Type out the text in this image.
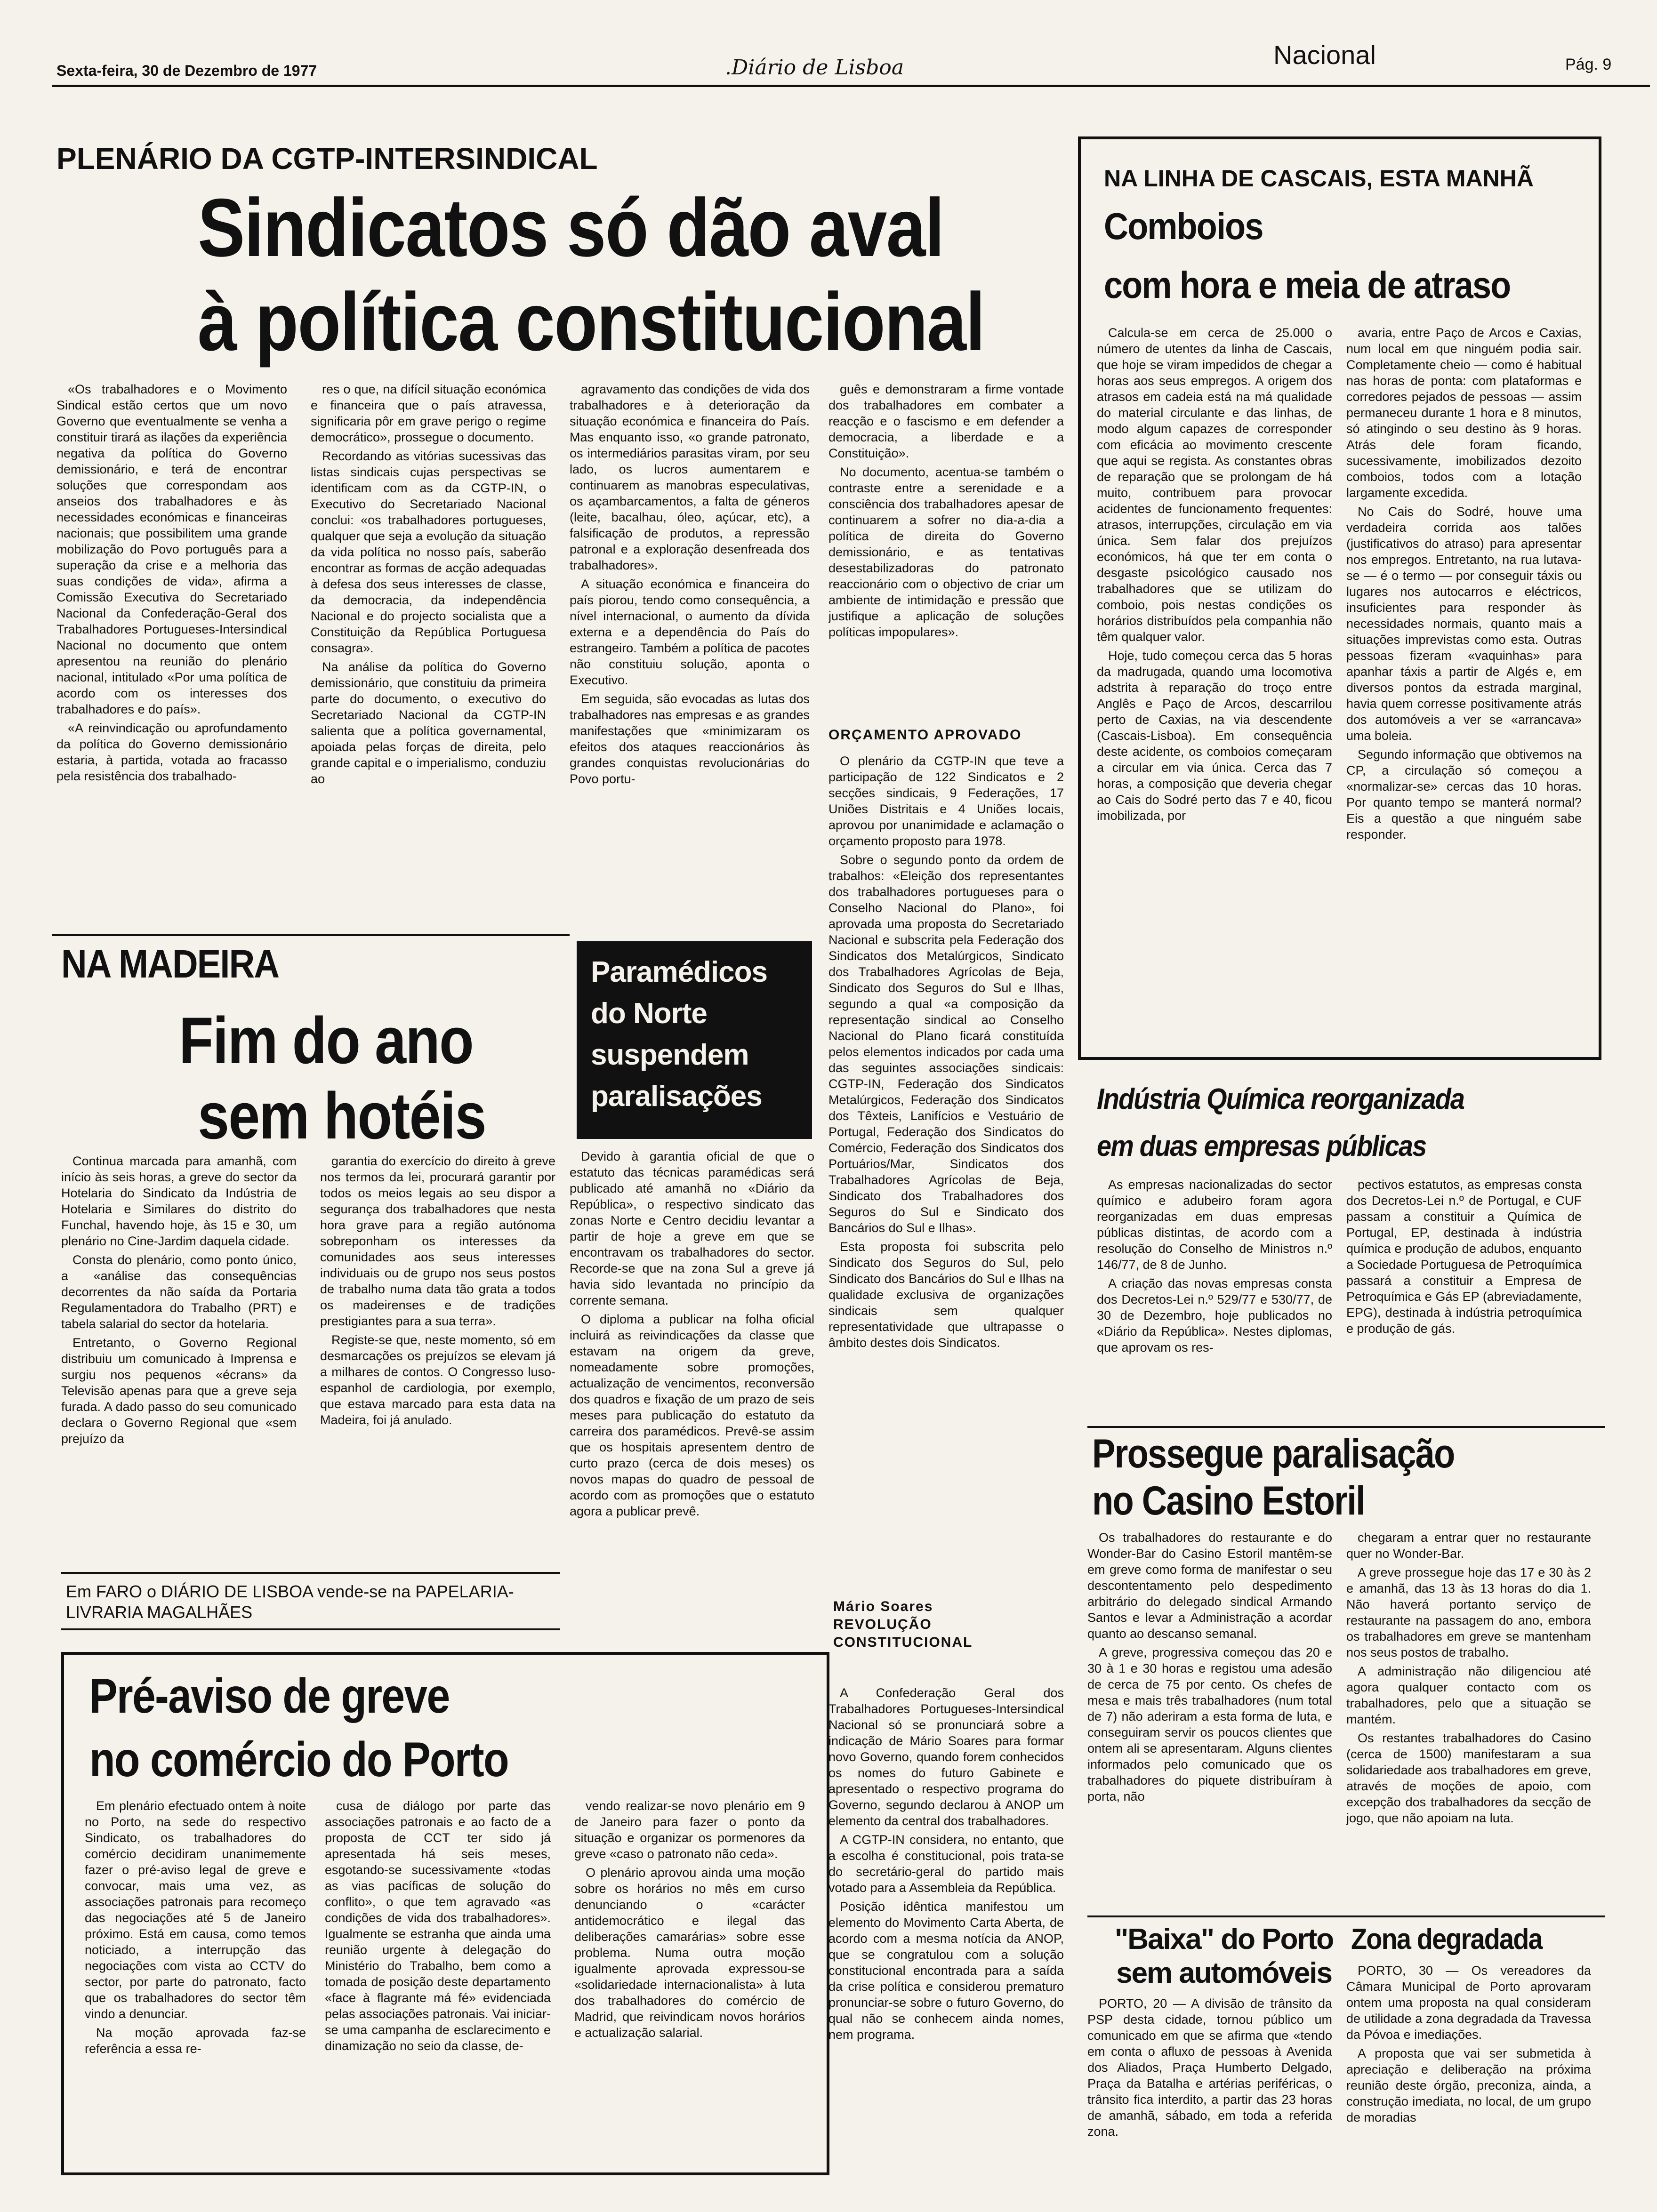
Sexta-feira, 30 de Dezembro de 1977	.Diário de Lisboa	Nacional	Pág. 9
PLENÁRIO DA CGTP-INTERSINDICAL
Sindicatos só dão aval
à política constitucional

«Os trabalhadores e o Movimento Sindical estão certos que um novo Governo que eventualmente se venha a constituir tirará as ilações da experiência negativa da política do Governo demissionário, e terá de encontrar soluções que correspondam aos anseios dos trabalhadores e às necessidades económicas e financeiras nacionais; que possibilitem uma grande mobilização do Povo português para a superação da crise e a melhoria das suas condições de vida», afirma a Comissão Executiva do Secretariado Nacional da Confederação-Geral dos Trabalhadores Portugueses-Intersindical Nacional no documento que ontem apresentou na reunião do plenário nacional, intitulado «Por uma política de acordo com os interesses dos trabalhadores e do país».

«A reinvindicação ou aprofundamento da política do Governo demissionário estaria, à partida, votada ao fracasso pela resistência dos trabalhado-

res o que, na difícil situação económica e financeira que o país atravessa, significaria pôr em grave perigo o regime democrático», prossegue o documento.

Recordando as vitórias sucessivas das listas sindicais cujas perspectivas se identificam com as da CGTP-IN, o Executivo do Secretariado Nacional conclui: «os trabalhadores portugueses, qualquer que seja a evolução da situação da vida política no nosso país, saberão encontrar as formas de acção adequadas à defesa dos seus interesses de classe, da democracia, da independência Nacional e do projecto socialista que a Constituição da República Portuguesa consagra».

Na análise da política do Governo demissionário, que constituiu da primeira parte do documento, o executivo do Secretariado Nacional da CGTP-IN salienta que a política governamental, apoiada pelas forças de direita, pelo grande capital e o imperialismo, conduziu ao

agravamento das condições de vida dos trabalhadores e à deterioração da situação económica e financeira do País. Mas enquanto isso, «o grande patronato, os intermediários parasitas viram, por seu lado, os lucros aumentarem e continuarem as manobras especulativas, os açambarcamentos, a falta de géneros (leite, bacalhau, óleo, açúcar, etc), a falsificação de produtos, a repressão patronal e a exploração desenfreada dos trabalhadores».

A situação económica e financeira do país piorou, tendo como consequência, a nível internacional, o aumento da dívida externa e a dependência do País do estrangeiro. Também a política de pacotes não constituiu solução, aponta o Executivo.

Em seguida, são evocadas as lutas dos trabalhadores nas empresas e as grandes manifestações que «minimizaram os efeitos dos ataques reaccionários às grandes conquistas revolucionárias do Povo portu-

guês e demonstraram a firme vontade dos trabalhadores em combater a reacção e o fascismo e em defender a democracia, a liberdade e a Constituição».

No documento, acentua-se também o contraste entre a serenidade e a consciência dos trabalhadores apesar de continuarem a sofrer no dia-a-dia a política de direita do Governo demissionário, e as tentativas desestabilizadoras do patronato reaccionário com o objectivo de criar um ambiente de intimidação e pressão que justifique a aplicação de soluções políticas impopulares».

ORÇAMENTO APROVADO

O plenário da CGTP-IN que teve a participação de 122 Sindicatos e 2 secções sindicais, 9 Federações, 17 Uniões Distritais e 4 Uniões locais, aprovou por unanimidade e aclamação o orçamento proposto para 1978.

Sobre o segundo ponto da ordem de trabalhos: «Eleição dos representantes dos trabalhadores portugueses para o Conselho Nacional do Plano», foi aprovada uma proposta do Secretariado Nacional e subscrita pela Federação dos Sindicatos dos Metalúrgicos, Sindicato dos Trabalhadores Agrícolas de Beja, Sindicato dos Seguros do Sul e Ilhas, segundo a qual «a composição da representação sindical ao Conselho Nacional do Plano ficará constituída pelos elementos indicados por cada uma das seguintes associações sindicais: CGTP-IN, Federação dos Sindicatos Metalúrgicos, Federação dos Sindicatos dos Têxteis, Lanifícios e Vestuário de Portugal, Federação dos Sindicatos do Comércio, Federação dos Sindicatos dos Portuários/Mar, Sindicatos dos Trabalhadores Agrícolas de Beja, Sindicato dos Trabalhadores dos Seguros do Sul e Sindicato dos Bancários do Sul e Ilhas».

Esta proposta foi subscrita pelo Sindicato dos Seguros do Sul, pelo Sindicato dos Bancários do Sul e Ilhas na qualidade exclusiva de organizações sindicais sem qualquer representatividade que ultrapasse o âmbito destes dois Sindicatos.

Mário Soares
REVOLUÇÃO
CONSTITUCIONAL

A Confederação Geral dos Trabalhadores Portugueses-Intersindical Nacional só se pronunciará sobre a indicação de Mário Soares para formar novo Governo, quando forem conhecidos os nomes do futuro Gabinete e apresentado o respectivo programa do Governo, segundo declarou à ANOP um elemento da central dos trabalhadores.

A CGTP-IN considera, no entanto, que a escolha é constitucional, pois trata-se do secretário-geral do partido mais votado para a Assembleia da República.

Posição idêntica manifestou um elemento do Movimento Carta Aberta, de acordo com a mesma notícia da ANOP, que se congratulou com a solução constitucional encontrada para a saída da crise política e considerou prematuro pronunciar-se sobre o futuro Governo, do qual não se conhecem ainda nomes, nem programa.

NA LINHA DE CASCAIS, ESTA MANHÃ
Comboios
com hora e meia de atraso

Calcula-se em cerca de 25.000 o número de utentes da linha de Cascais, que hoje se viram impedidos de chegar a horas aos seus empregos. A origem dos atrasos em cadeia está na má qualidade do material circulante e das linhas, de modo algum capazes de corresponder com eficácia ao movimento crescente que aqui se regista. As constantes obras de reparação que se prolongam de há muito, contribuem para provocar acidentes de funcionamento frequentes: atrasos, interrupções, circulação em via única. Sem falar dos prejuízos económicos, há que ter em conta o desgaste psicológico causado nos trabalhadores que se utilizam do comboio, pois nestas condições os horários distribuídos pela companhia não têm qualquer valor.

Hoje, tudo começou cerca das 5 horas da madrugada, quando uma locomotiva adstrita à reparação do troço entre Anglês e Paço de Arcos, descarrilou perto de Caxias, na via descendente (Cascais-Lisboa). Em consequência deste acidente, os comboios começaram a circular em via única. Cerca das 7 horas, a composição que deveria chegar ao Cais do Sodré perto das 7 e 40, ficou imobilizada, por

avaria, entre Paço de Arcos e Caxias, num local em que ninguém podia sair. Completamente cheio — como é habitual nas horas de ponta: com plataformas e corredores pejados de pessoas — assim permaneceu durante 1 hora e 8 minutos, só atingindo o seu destino às 9 horas. Atrás dele foram ficando, sucessivamente, imobilizados dezoito comboios, todos com a lotação largamente excedida.

No Cais do Sodré, houve uma verdadeira corrida aos talões (justificativos do atraso) para apresentar nos empregos. Entretanto, na rua lutava-se — é o termo — por conseguir táxis ou lugares nos autocarros e eléctricos, insuficientes para responder às necessidades normais, quanto mais a situações imprevistas como esta. Outras pessoas fizeram «vaquinhas» para apanhar táxis a partir de Algés e, em diversos pontos da estrada marginal, havia quem corresse positivamente atrás dos automóveis a ver se «arrancava» uma boleia.

Segundo informação que obtivemos na CP, a circulação só começou a «normalizar-se» cercas das 10 horas. Por quanto tempo se manterá normal? Eis a questão a que ninguém sabe responder.

NA MADEIRA
Fim do ano
sem hotéis

Continua marcada para amanhã, com início às seis horas, a greve do sector da Hotelaria do Sindicato da Indústria de Hotelaria e Similares do distrito do Funchal, havendo hoje, às 15 e 30, um plenário no Cine-Jardim daquela cidade.

Consta do plenário, como ponto único, a «análise das consequências decorrentes da não saída da Portaria Regulamentadora do Trabalho (PRT) e tabela salarial do sector da hotelaria.

Entretanto, o Governo Regional distribuiu um comunicado à Imprensa e surgiu nos pequenos «écrans» da Televisão apenas para que a greve seja furada. A dado passo do seu comunicado declara o Governo Regional que «sem prejuízo da

garantia do exercício do direito à greve nos termos da lei, procurará garantir por todos os meios legais ao seu dispor a segurança dos trabalhadores que nesta hora grave para a região autónoma sobreponham os interesses da comunidades aos seus interesses individuais ou de grupo nos seus postos de trabalho numa data tão grata a todos os madeirenses e de tradições prestigiantes para a sua terra».

Registe-se que, neste momento, só em desmarcações os prejuízos se elevam já a milhares de contos. O Congresso luso-espanhol de cardiologia, por exemplo, que estava marcado para esta data na Madeira, foi já anulado.

Paramédicos do Norte suspendem paralisações

Devido à garantia oficial de que o estatuto das técnicas paramédicas será publicado até amanhã no «Diário da República», o respectivo sindicato das zonas Norte e Centro decidiu levantar a partir de hoje a greve em que se encontravam os trabalhadores do sector. Recorde-se que na zona Sul a greve já havia sido levantada no princípio da corrente semana.

O diploma a publicar na folha oficial incluirá as reivindicações da classe que estavam na origem da greve, nomeadamente sobre promoções, actualização de vencimentos, reconversão dos quadros e fixação de um prazo de seis meses para publicação do estatuto da carreira dos paramédicos. Prevê-se assim que os hospitais apresentem dentro de curto prazo (cerca de dois meses) os novos mapas do quadro de pessoal de acordo com as promoções que o estatuto agora a publicar prevê.

Indústria Química reorganizada
em duas empresas públicas

As empresas nacionalizadas do sector químico e adubeiro foram agora reorganizadas em duas empresas públicas distintas, de acordo com a resolução do Conselho de Ministros n.º 146/77, de 8 de Junho.

A criação das novas empresas consta dos Decretos-Lei n.º 529/77 e 530/77, de 30 de Dezembro, hoje publicados no «Diário da República». Nestes diplomas, que aprovam os res-

pectivos estatutos, as empresas consta dos Decretos-Lei n.º de Portugal, e CUF passam a constituir a Química de Portugal, EP, destinada à indústria química e produção de adubos, enquanto a Sociedade Portuguesa de Petroquímica passará a constituir a Empresa de Petroquímica e Gás EP (abreviadamente, EPG), destinada à indústria petroquímica e produção de gás.

Prossegue paralisação
no Casino Estoril

Os trabalhadores do restaurante e do Wonder-Bar do Casino Estoril mantêm-se em greve como forma de manifestar o seu descontentamento pelo despedimento arbitrário do delegado sindical Armando Santos e levar a Administração a acordar quanto ao descanso semanal.

A greve, progressiva começou das 20 e 30 à 1 e 30 horas e registou uma adesão de cerca de 75 por cento. Os chefes de mesa e mais três trabalhadores (num total de 7) não aderiram a esta forma de luta, e conseguiram servir os poucos clientes que ontem ali se apresentaram. Alguns clientes informados pelo comunicado que os trabalhadores do piquete distribuíram à porta, não

chegaram a entrar quer no restaurante quer no Wonder-Bar.

A greve prossegue hoje das 17 e 30 às 2 e amanhã, das 13 às 13 horas do dia 1. Não haverá portanto serviço de restaurante na passagem do ano, embora os trabalhadores em greve se mantenham nos seus postos de trabalho.

A administração não diligenciou até agora qualquer contacto com os trabalhadores, pelo que a situação se mantém.

Os restantes trabalhadores do Casino (cerca de 1500) manifestaram a sua solidariedade aos trabalhadores em greve, através de moções de apoio, com excepção dos trabalhadores da secção de jogo, que não apoiam na luta.

Em FARO o DIÁRIO DE LISBOA vende-se na PAPELARIA-LIVRARIA MAGALHÃES
Pré-aviso de greve
no comércio do Porto

Em plenário efectuado ontem à noite no Porto, na sede do respectivo Sindicato, os trabalhadores do comércio decidiram unanimemente fazer o pré-aviso legal de greve e convocar, mais uma vez, as associações patronais para recomeço das negociações até 5 de Janeiro próximo. Está em causa, como temos noticiado, a interrupção das negociações com vista ao CCTV do sector, por parte do patronato, facto que os trabalhadores do sector têm vindo a denunciar.

Na moção aprovada faz-se referência a essa re-

cusa de diálogo por parte das associações patronais e ao facto de a proposta de CCT ter sido já apresentada há seis meses, esgotando-se sucessivamente «todas as vias pacíficas de solução do conflito», o que tem agravado «as condições de vida dos trabalhadores». Igualmente se estranha que ainda uma reunião urgente à delegação do Ministério do Trabalho, bem como a tomada de posição deste departamento «face à flagrante má fé» evidenciada pelas associações patronais. Vai iniciar-se uma campanha de esclarecimento e dinamização no seio da classe, de-

vendo realizar-se novo plenário em 9 de Janeiro para fazer o ponto da situação e organizar os pormenores da greve «caso o patronato não ceda».

O plenário aprovou ainda uma moção sobre os horários no mês em curso denunciando o «carácter antidemocrático e ilegal das deliberações camarárias» sobre esse problema. Numa outra moção igualmente aprovada expressou-se «solidariedade internacionalista» à luta dos trabalhadores do comércio de Madrid, que reivindicam novos horários e actualização salarial.

"Baixa" do Porto sem automóveis

PORTO, 20 — A divisão de trânsito da PSP desta cidade, tornou público um comunicado em que se afirma que «tendo em conta o afluxo de pessoas à Avenida dos Aliados, Praça Humberto Delgado, Praça da Batalha e artérias periféricas, o trânsito fica interdito, a partir das 23 horas de amanhã, sábado, em toda a referida zona.

Zona degradada

PORTO, 30 — Os vereadores da Câmara Municipal de Porto aprovaram ontem uma proposta na qual consideram de utilidade a zona degradada da Travessa da Póvoa e imediações.

A proposta que vai ser submetida à apreciação e deliberação na próxima reunião deste órgão, preconiza, ainda, a construção imediata, no local, de um grupo de moradias
